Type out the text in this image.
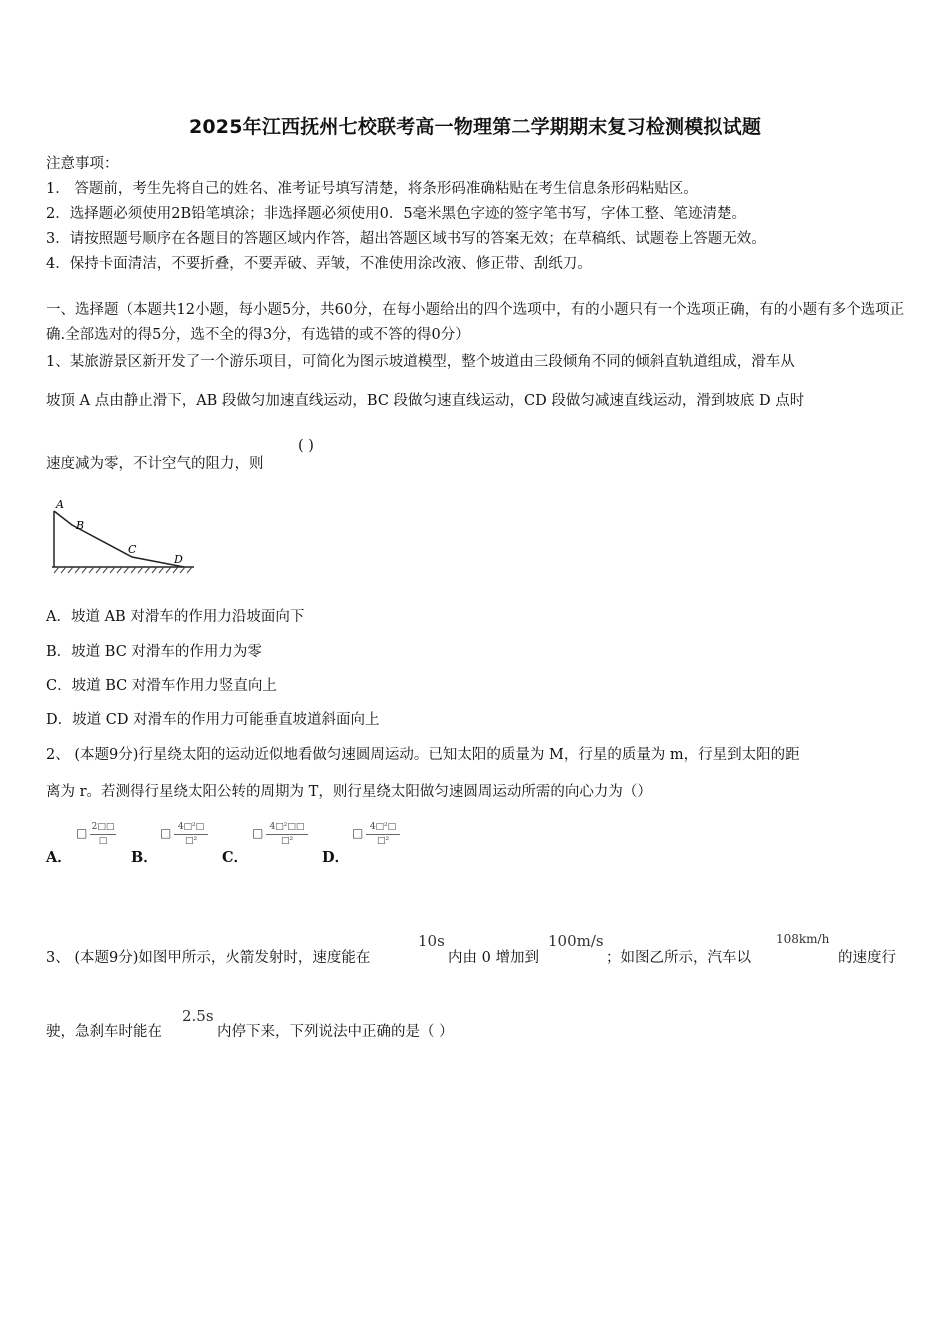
2025年江西抚州七校联考高一物理第二学期期末复习检测模拟试题
注意事项：
1． 答题前，考生先将自己的姓名、准考证号填写清楚，将条形码准确粘贴在考生信息条形码粘贴区。
2．选择题必须使用2B铅笔填涂；非选择题必须使用0．5毫米黑色字迹的签字笔书写，字体工整、笔迹清楚。
3．请按照题号顺序在各题目的答题区域内作答，超出答题区域书写的答案无效；在草稿纸、试题卷上答题无效。
4．保持卡面清洁，不要折叠，不要弄破、弄皱，不准使用涂改液、修正带、刮纸刀。
一、选择题（本题共12小题，每小题5分，共60分，在每小题给出的四个选项中，有的小题只有一个选项正确，有的小题有多个选项正确.全部选对的得5分，选不全的得3分，有选错的或不答的得0分）
1、某旅游景区新开发了一个游乐项目，可简化为图示坡道模型，整个坡道由三段倾角不同的倾斜直轨道组成，滑车从
坡顶 A 点由静止滑下，AB 段做匀加速直线运动，BC 段做匀速直线运动，CD 段做匀减速直线运动，滑到坡底 D 点时
速度减为零，不计空气的阻力，则
( )
A
B
C
D
A．坡道 AB 对滑车的作用力沿坡面向下
B．坡道 BC 对滑车的作用力为零
C．坡道 BC 对滑车作用力竖直向上
D．坡道 CD 对滑车的作用力可能垂直坡道斜面向上
2、 (本题9分)行星绕太阳的运动近似地看做匀速圆周运动。已知太阳的质量为 M，行星的质量为 m，行星到太阳的距
离为 r。若测得行星绕太阳公转的周期为 T，则行星绕太阳做匀速圆周运动所需的向心力为（）
A．
□ 2□□
□
B．
□ 4□²□
□²
C．
□ 4□²□□
□²
D．
□ 4□²□
□²
3、 (本题9分)如图甲所示，火箭发射时，速度能在
10s
内由 0 增加到
100m/s
；如图乙所示，汽车以
108km/h
的速度行
驶，急刹车时能在
2.5s
内停下来，下列说法中正确的是（ ）
